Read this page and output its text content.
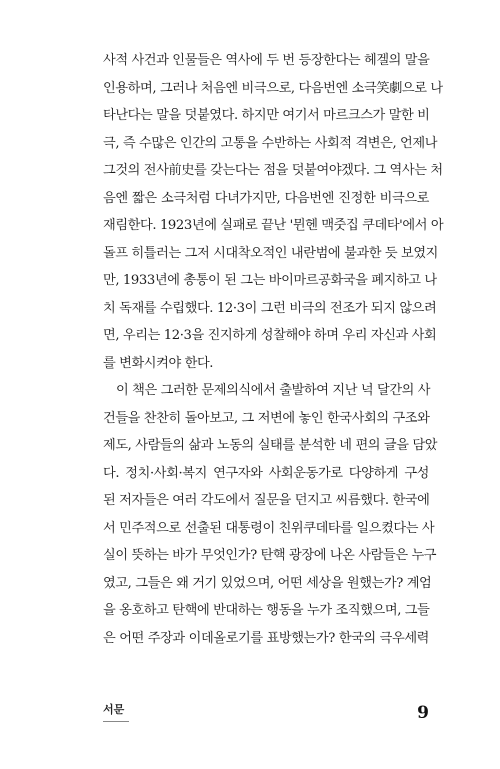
사적 사건과 인물들은 역사에 두 번 등장한다는 헤겔의 말을
인용하며, 그러나 처음엔 비극으로, 다음번엔 소극笑劇으로 나
타난다는 말을 덧붙였다. 하지만 여기서 마르크스가 말한 비
극, 즉 수많은 인간의 고통을 수반하는 사회적 격변은, 언제나
그것의 전사前史를 갖는다는 점을 덧붙여야겠다. 그 역사는 처
음엔 짧은 소극처럼 다녀가지만, 다음번엔 진정한 비극으로
재림한다. 1923년에 실패로 끝난 '뮌헨 맥줏집 쿠데타'에서 아
돌프 히틀러는 그저 시대착오적인 내란범에 불과한 듯 보였지
만, 1933년에 총통이 된 그는 바이마르공화국을 폐지하고 나
치 독재를 수립했다. 12·3이 그런 비극의 전조가 되지 않으려
면, 우리는 12·3을 진지하게 성찰해야 하며 우리 자신과 사회
를 변화시켜야 한다.
이 책은 그러한 문제의식에서 출발하여 지난 넉 달간의 사
건들을 찬찬히 돌아보고, 그 저변에 놓인 한국사회의 구조와
제도, 사람들의 삶과 노동의 실태를 분석한 네 편의 글을 담았
다. 정치·사회·복지 연구자와 사회운동가로 다양하게 구성
된 저자들은 여러 각도에서 질문을 던지고 씨름했다. 한국에
서 민주적으로 선출된 대통령이 친위쿠데타를 일으켰다는 사
실이 뜻하는 바가 무엇인가? 탄핵 광장에 나온 사람들은 누구
였고, 그들은 왜 거기 있었으며, 어떤 세상을 원했는가? 계엄
을 옹호하고 탄핵에 반대하는 행동을 누가 조직했으며, 그들
은 어떤 주장과 이데올로기를 표방했는가? 한국의 극우세력
서문	9
